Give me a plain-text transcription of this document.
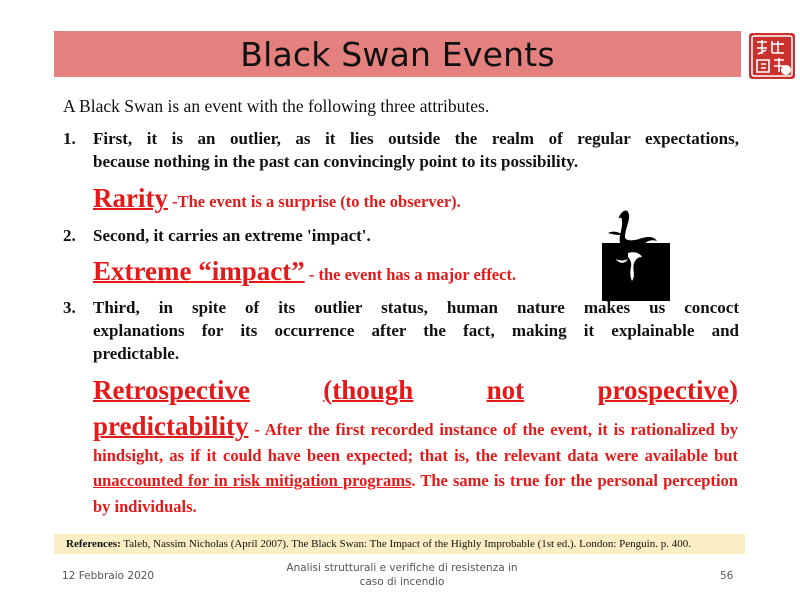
Black Swan Events
A Black Swan is an event with the following three attributes.
1. First, it is an outlier, as it lies outside the realm of regular expectations,
because nothing in the past can convincingly point to its possibility.
Rarity -The event is a surprise (to the observer).
2. Second, it carries an extreme 'impact'.
Extreme “impact” - the event has a major effect.
3. Third, in spite of its outlier status, human nature makes us concoct
explanations for its occurrence after the fact, making it explainable and
predictable.
Retrospective	(though	not	prospective)
predictability - After the first recorded instance of the event, it is rationalized by hindsight, as if it could have been expected; that is, the relevant data were available but unaccounted for in risk mitigation programs. The same is true for the personal perception by individuals.
References: Taleb, Nassim Nicholas (April 2007). The Black Swan: The Impact of the Highly Improbable (1st ed.). London: Penguin. p. 400.
12 Febbraio 2020
Analisi strutturali e verifiche di resistenza in
caso di incendio	56
